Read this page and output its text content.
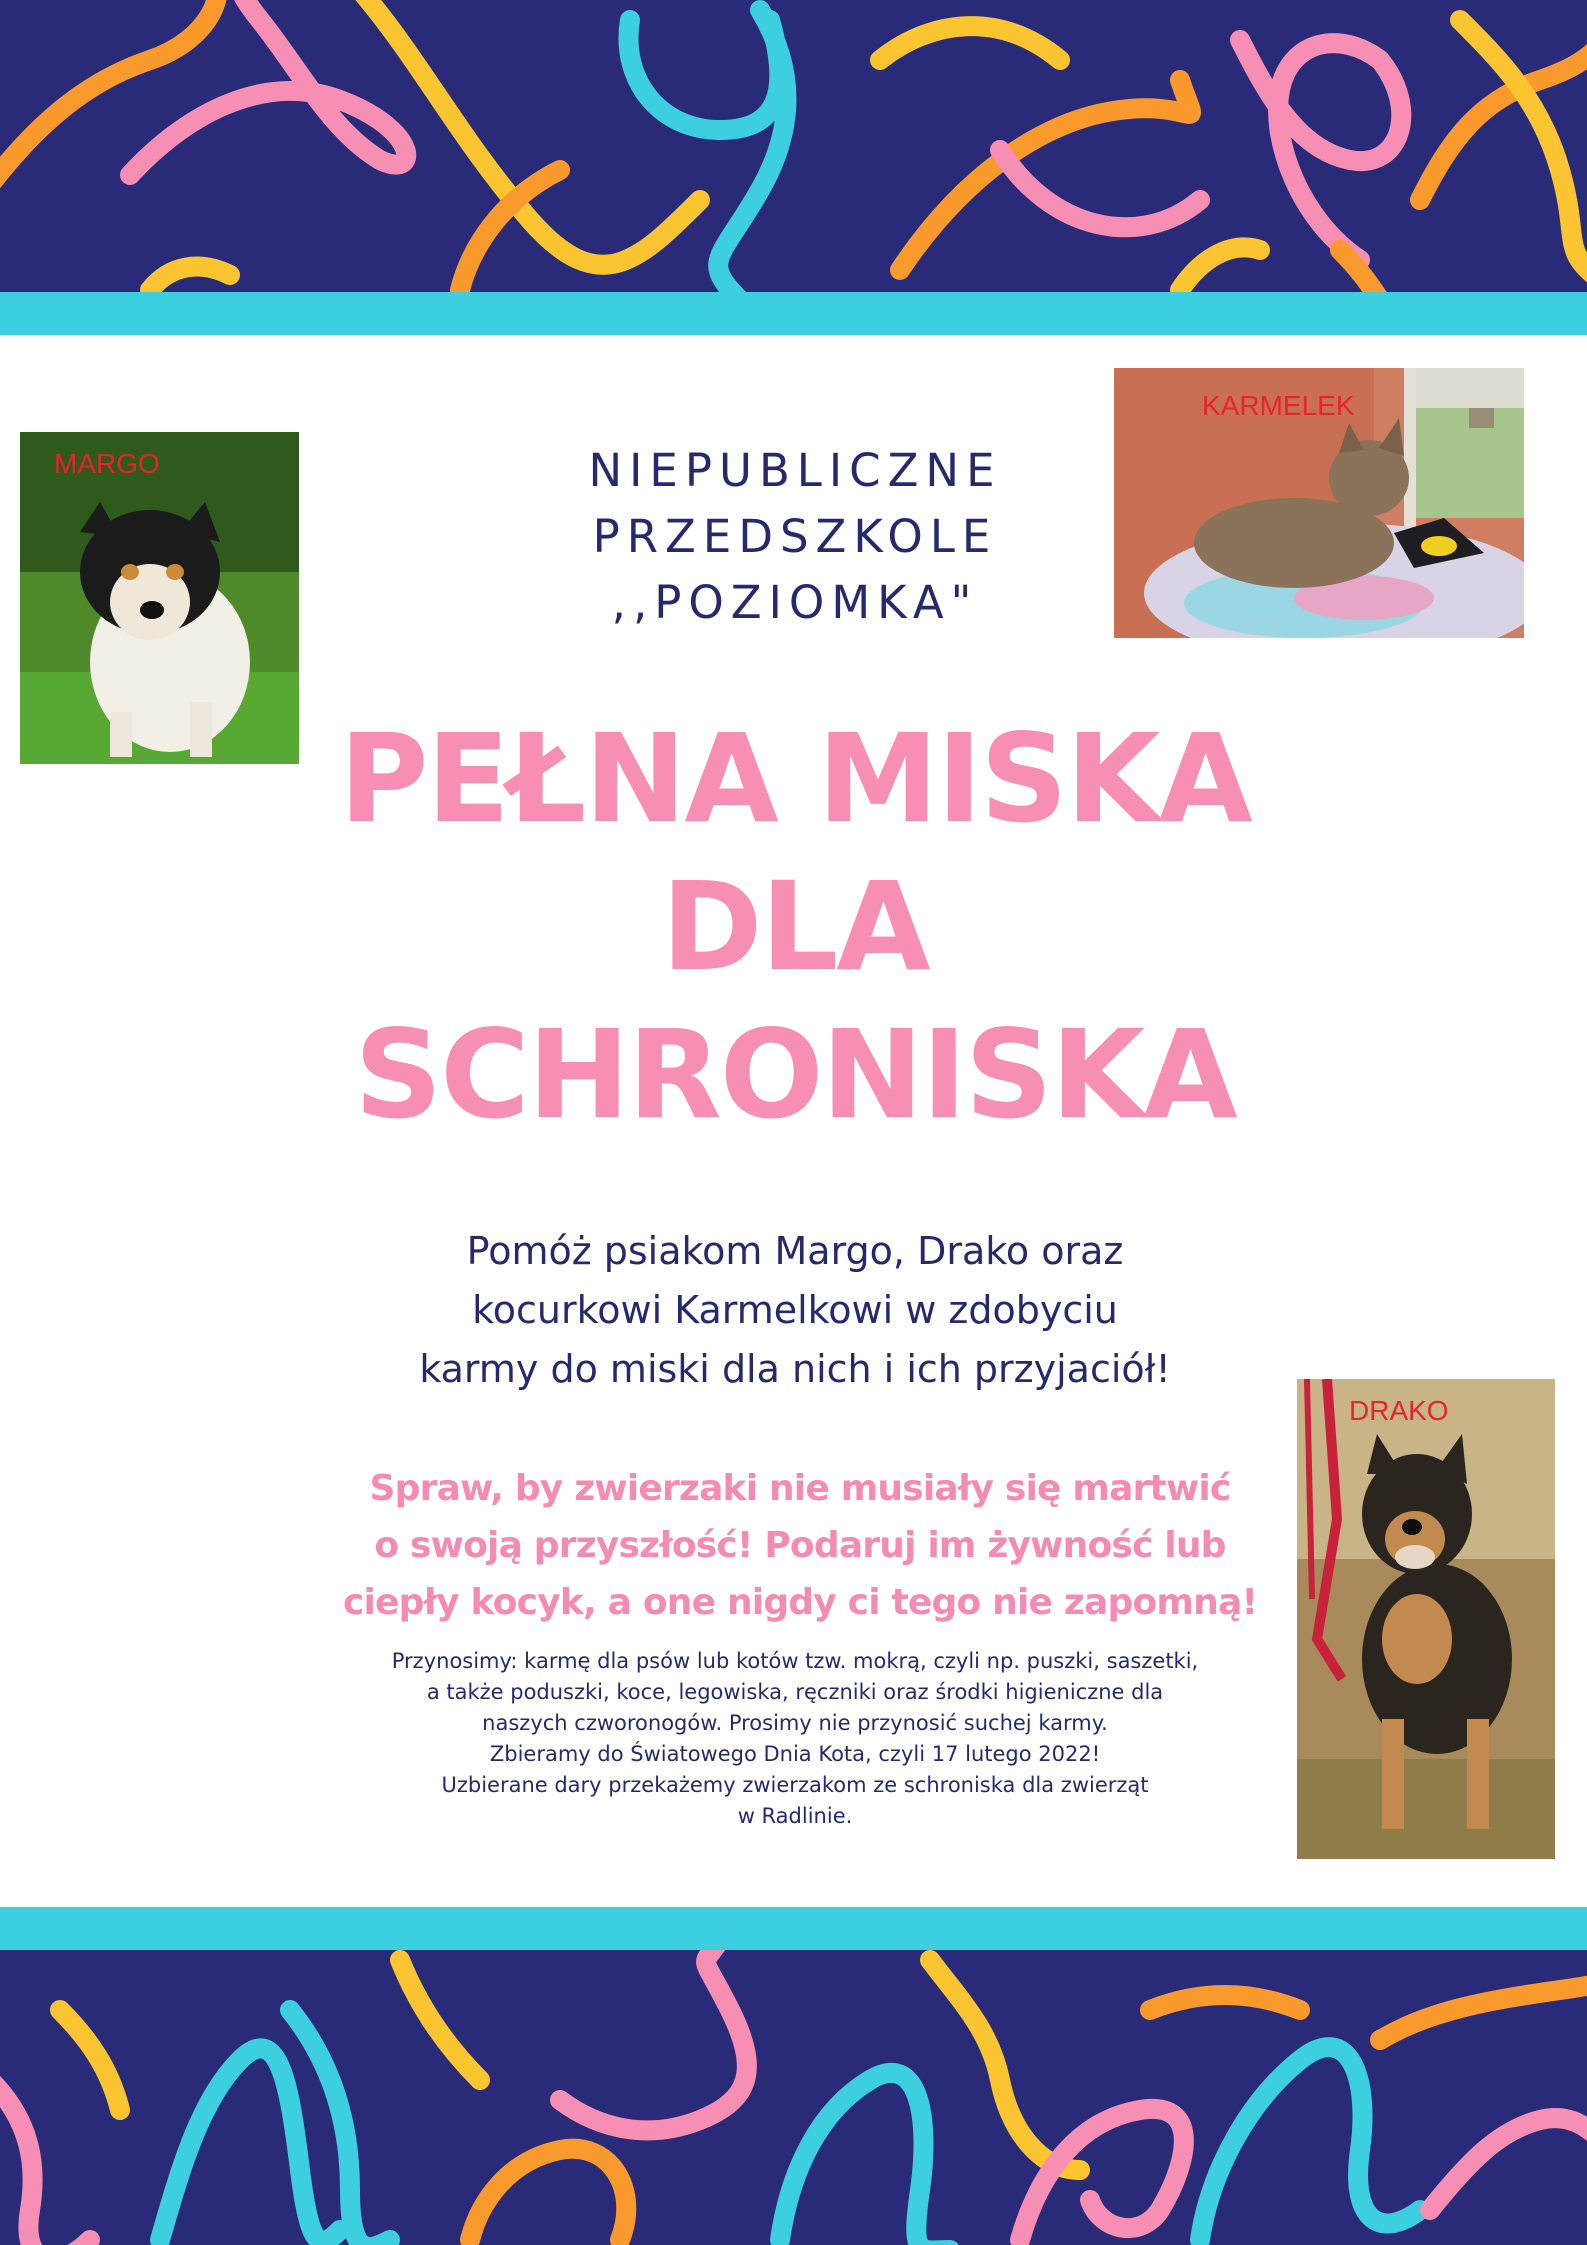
MARGO
KARMELEK
DRAKO
NIEPUBLICZNE
PRZEDSZKOLE
,,POZIOMKA"
PEŁNA MISKA
DLA
SCHRONISKA
Pomóż psiakom Margo, Drako oraz
kocurkowi Karmelkowi w zdobyciu
karmy do miski dla nich i ich przyjaciół!
Spraw, by zwierzaki nie musiały się martwić
o swoją przyszłość! Podaruj im żywność lub
ciepły kocyk, a one nigdy ci tego nie zapomną!
Przynosimy: karmę dla psów lub kotów tzw. mokrą, czyli np. puszki, saszetki,
a także poduszki, koce, legowiska, ręczniki oraz środki higieniczne dla
naszych czworonogów. Prosimy nie przynosić suchej karmy.
Zbieramy do Światowego Dnia Kota, czyli 17 lutego 2022!
Uzbierane dary przekażemy zwierzakom ze schroniska dla zwierząt
w Radlinie.
